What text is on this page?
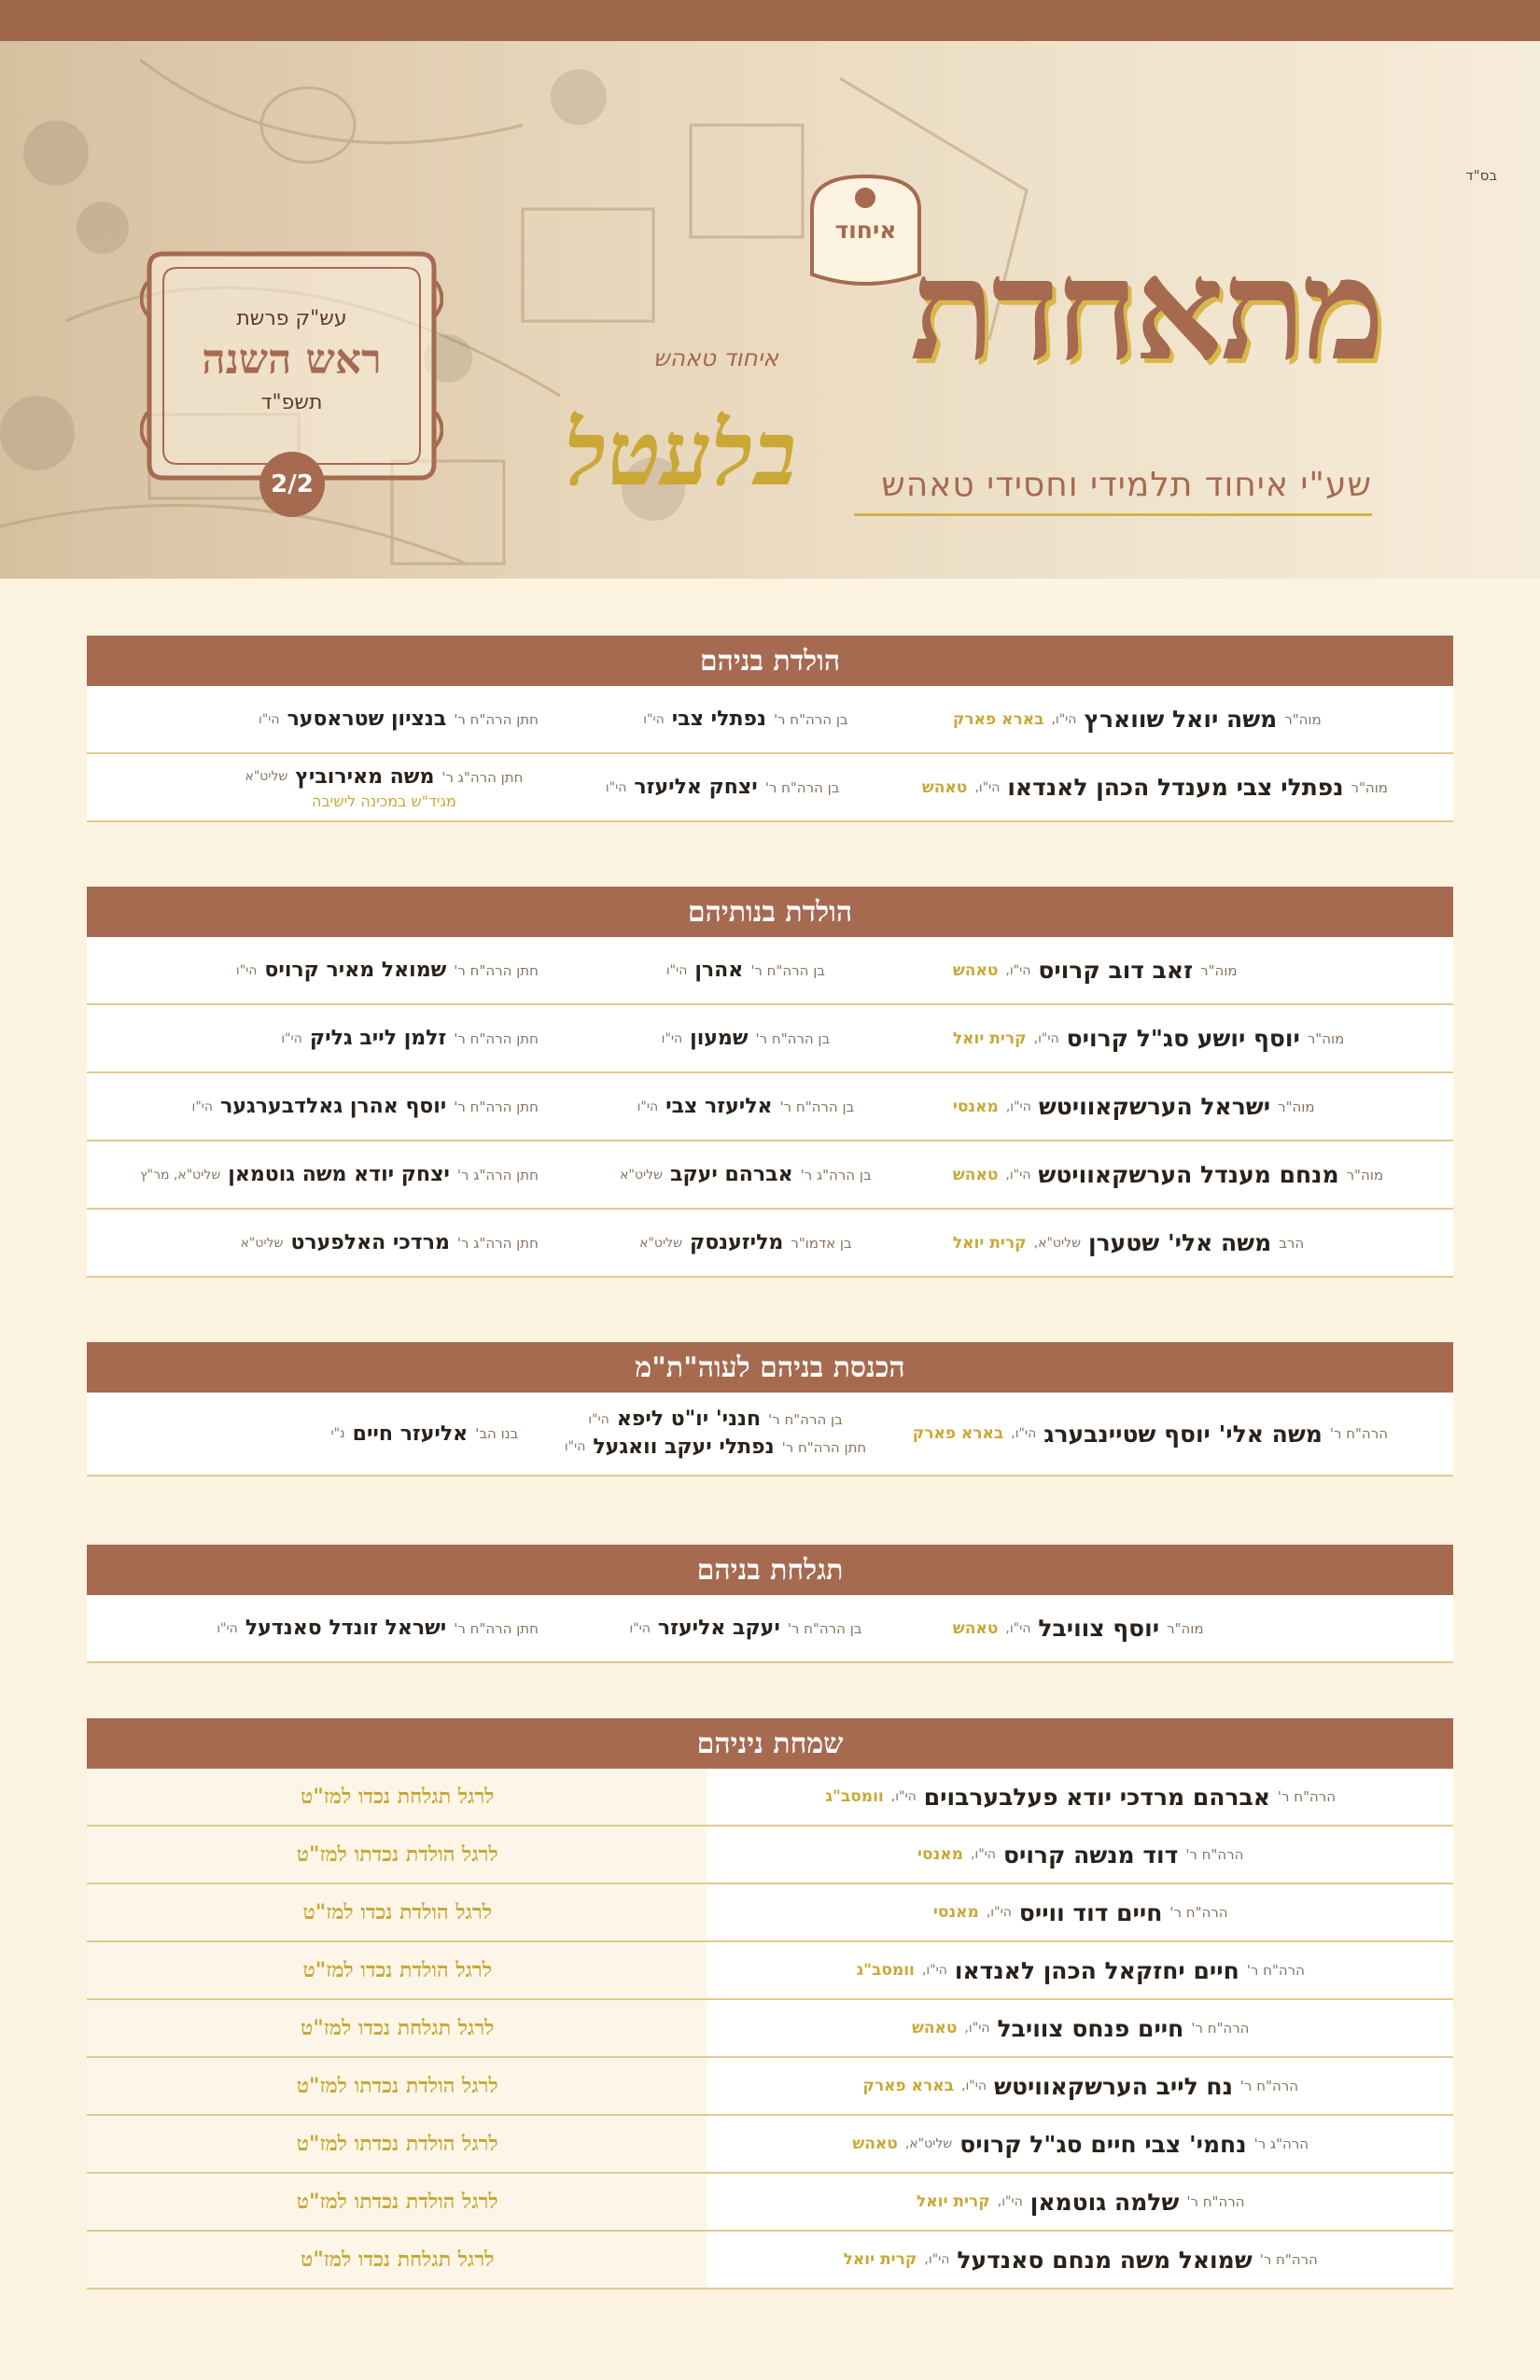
בס"ד
איחוד מתאחדת
איחוד טאהש
בלעטל	שע"י איחוד תלמידי וחסידי טאהש
עש"ק פרשת
ראש השנה
תשפ"ד
2/2
הולדת בניהם
מוה"ר
משה יואל שווארץ
הי"ו,
בארא פארק
בן הרה"ח ר'
נפתלי צבי
הי"ו
חתן הרה"ח ר'
בנציון שטראסער
הי"ו
מוה"ר
נפתלי צבי מענדל הכהן לאנדאו
הי"ו,
טאהש
בן הרה"ח ר'
יצחק אליעזר
הי"ו
חתן הרה"ג ר'
משה מאירוביץ
שליט"א
מגיד"ש במכינה לישיבה
הולדת בנותיהם
מוה"ר
זאב דוב קרויס
הי"ו,
טאהש
בן הרה"ח ר'
אהרן
הי"ו
חתן הרה"ח ר'
שמואל מאיר קרויס
הי"ו
מוה"ר
יוסף יושע סג"ל קרויס
הי"ו,
קרית יואל
בן הרה"ח ר'
שמעון
הי"ו
חתן הרה"ח ר'
זלמן לייב גליק
הי"ו
מוה"ר
ישראל הערשקאוויטש
הי"ו,
מאנסי
בן הרה"ח ר'
אליעזר צבי
הי"ו
חתן הרה"ח ר'
יוסף אהרן גאלדבערגער
הי"ו
מוה"ר
מנחם מענדל הערשקאוויטש
הי"ו,
טאהש
בן הרה"ג ר'
אברהם יעקב
שליט"א
חתן הרה"ג ר'
יצחק יודא משה גוטמאן
שליט"א, מר"ץ
הרב
משה אלי' שטערן
שליט"א,
קרית יואל
בן אדמו"ר
מליזענסק
שליט"א
חתן הרה"ג ר'
מרדכי האלפערט
שליט"א
הכנסת בניהם לעוה"ת"מ
הרה"ח ר'
משה אלי' יוסף שטיינבערג
הי"ו,
בארא פארק
בן הרה"ח ר'
חנני' יו"ט ליפא
הי"ו
חתן הרה"ח ר'
נפתלי יעקב וואגעל
הי"ו
בנו הב'
אליעזר חיים
נ"י
תגלחת בניהם
מוה"ר
יוסף צוויבל
הי"ו,
טאהש
בן הרה"ח ר'
יעקב אליעזר
הי"ו
חתן הרה"ח ר'
ישראל זונדל סאנדעל
הי"ו
שמחת ניניהם
הרה"ח ר'
אברהם מרדכי יודא פעלבערבוים
הי"ו,
וומסב"ג
לרגל תגלחת נכדו למז"ט
הרה"ח ר'
דוד מנשה קרויס
הי"ו,
מאנסי
לרגל הולדת נכדתו למז"ט
הרה"ח ר'
חיים דוד ווייס
הי"ו,
מאנסי
לרגל הולדת נכדו למז"ט
הרה"ח ר'
חיים יחזקאל הכהן לאנדאו
הי"ו,
וומסב"ג
לרגל הולדת נכדו למז"ט
הרה"ח ר'
חיים פנחס צוויבל
הי"ו,
טאהש
לרגל תגלחת נכדו למז"ט
הרה"ח ר'
נח לייב הערשקאוויטש
הי"ו,
בארא פארק
לרגל הולדת נכדתו למז"ט
הרה"ג ר'
נחמי' צבי חיים סג"ל קרויס
שליט"א,
טאהש
לרגל הולדת נכדתו למז"ט
הרה"ח ר'
שלמה גוטמאן
הי"ו,
קרית יואל
לרגל הולדת נכדתו למז"ט
הרה"ח ר'
שמואל משה מנחם סאנדעל
הי"ו,
קרית יואל
לרגל תגלחת נכדו למז"ט
